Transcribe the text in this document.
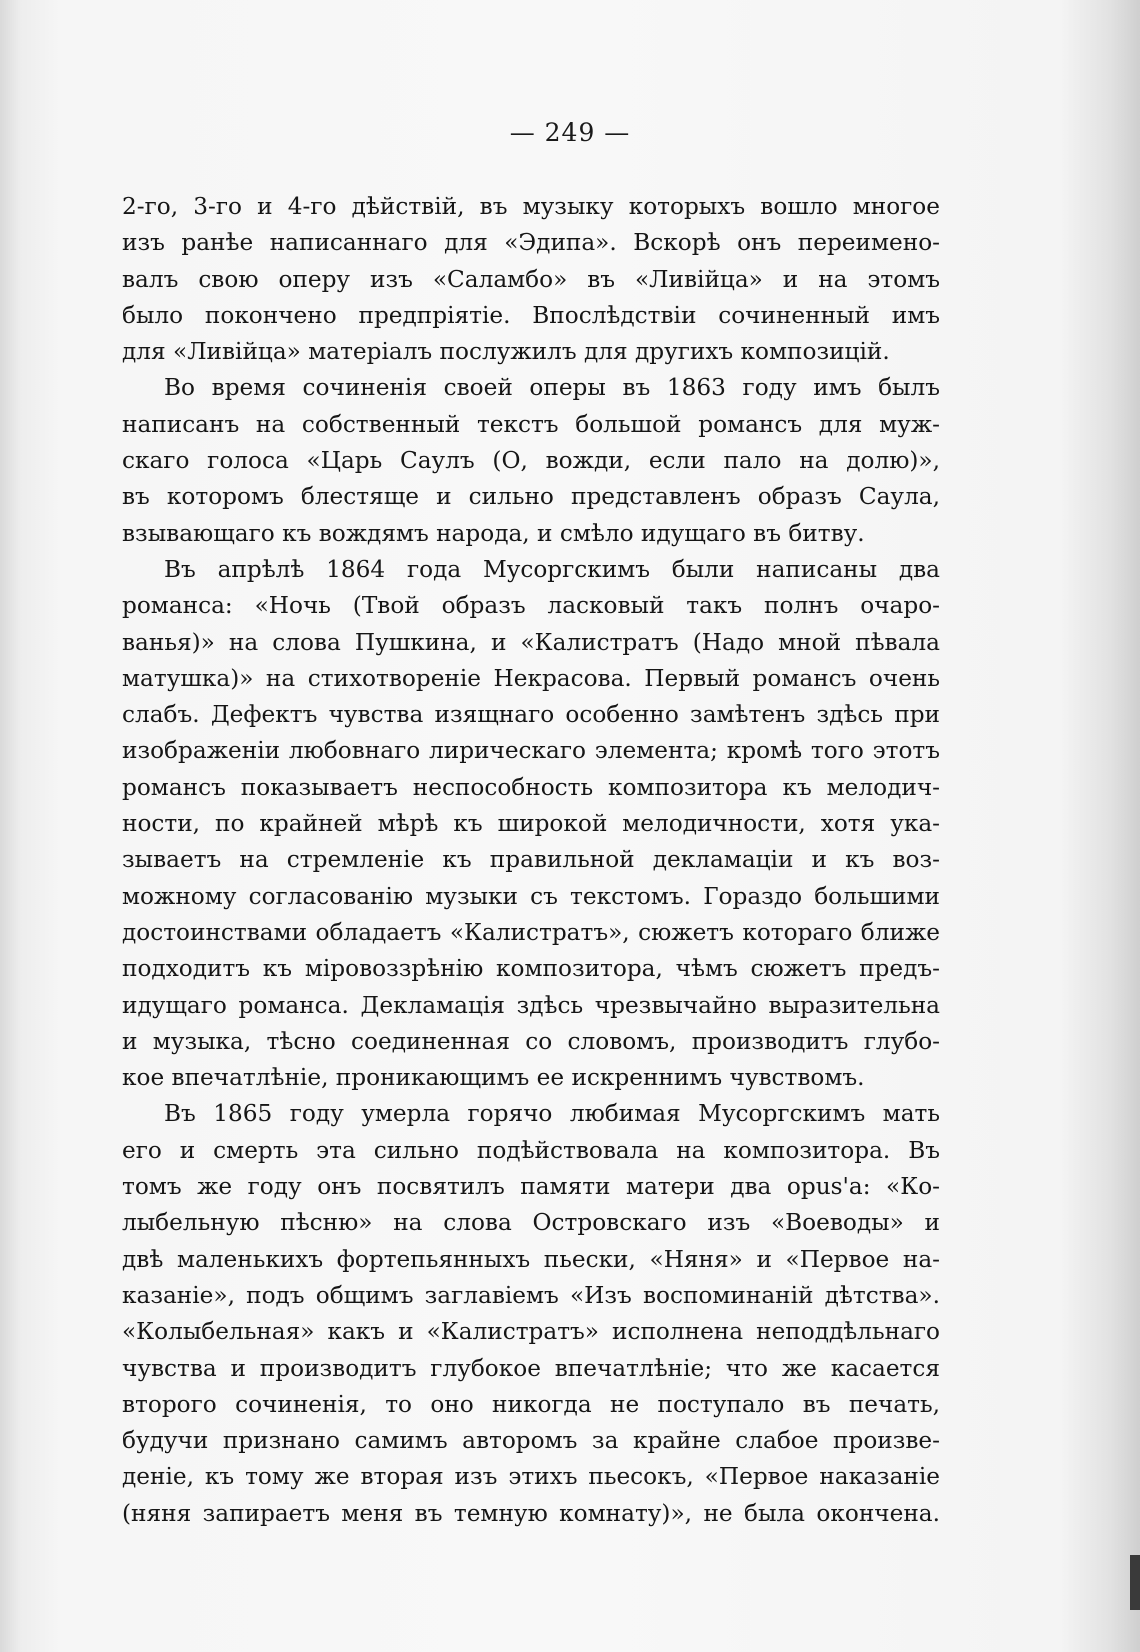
— 249 —
2-го, 3-го и 4-го дѣйствій, въ музыку которыхъ вошло многое
изъ ранѣе написаннаго для «Эдипа». Вскорѣ онъ переимено-
валъ свою оперу изъ «Саламбо» въ «Ливійца» и на этомъ
было покончено предпріятіе. Впослѣдствіи сочиненный имъ
для «Ливійца» матеріалъ послужилъ для другихъ композицій.
Во время сочиненія своей оперы въ 1863 году имъ былъ
написанъ на собственный текстъ большой романсъ для муж-
скаго голоса «Царь Саулъ (О, вожди, если пало на долю)»,
въ которомъ блестяще и сильно представленъ образъ Саула,
взывающаго къ вождямъ народа, и смѣло идущаго въ битву.
Въ апрѣлѣ 1864 года Мусоргскимъ были написаны два
романса: «Ночь (Твой образъ ласковый такъ полнъ очаро-
ванья)» на слова Пушкина, и «Калистратъ (Надо мной пѣвала
матушка)» на стихотвореніе Некрасова. Первый романсъ очень
слабъ. Дефектъ чувства изящнаго особенно замѣтенъ здѣсь при
изображеніи любовнаго лирическаго элемента; кромѣ того этотъ
романсъ показываетъ неспособность композитора къ мелодич-
ности, по крайней мѣрѣ къ широкой мелодичности, хотя ука-
зываетъ на стремленіе къ правильной декламаціи и къ воз-
можному согласованію музыки съ текстомъ. Гораздо большими
достоинствами обладаетъ «Калистратъ», сюжетъ котораго ближе
подходитъ къ міровоззрѣнію композитора, чѣмъ сюжетъ предъ-
идущаго романса. Декламація здѣсь чрезвычайно выразительна
и музыка, тѣсно соединенная со словомъ, производитъ глубо-
кое впечатлѣніе, проникающимъ ее искреннимъ чувствомъ.
Въ 1865 году умерла горячо любимая Мусоргскимъ мать
его и смерть эта сильно подѣйствовала на композитора. Въ
томъ же году онъ посвятилъ памяти матери два opus'а: «Ко-
лыбельную пѣсню» на слова Островскаго изъ «Воеводы» и
двѣ маленькихъ фортепьянныхъ пьески, «Няня» и «Первое на-
казаніе», подъ общимъ заглавіемъ «Изъ воспоминаній дѣтства».
«Колыбельная» какъ и «Калистратъ» исполнена неподдѣльнаго
чувства и производитъ глубокое впечатлѣніе; что же касается
второго сочиненія, то оно никогда не поступало въ печать,
будучи признано самимъ авторомъ за крайне слабое произве-
деніе, къ тому же вторая изъ этихъ пьесокъ, «Первое наказаніе
(няня запираетъ меня въ темную комнату)», не была окончена.
